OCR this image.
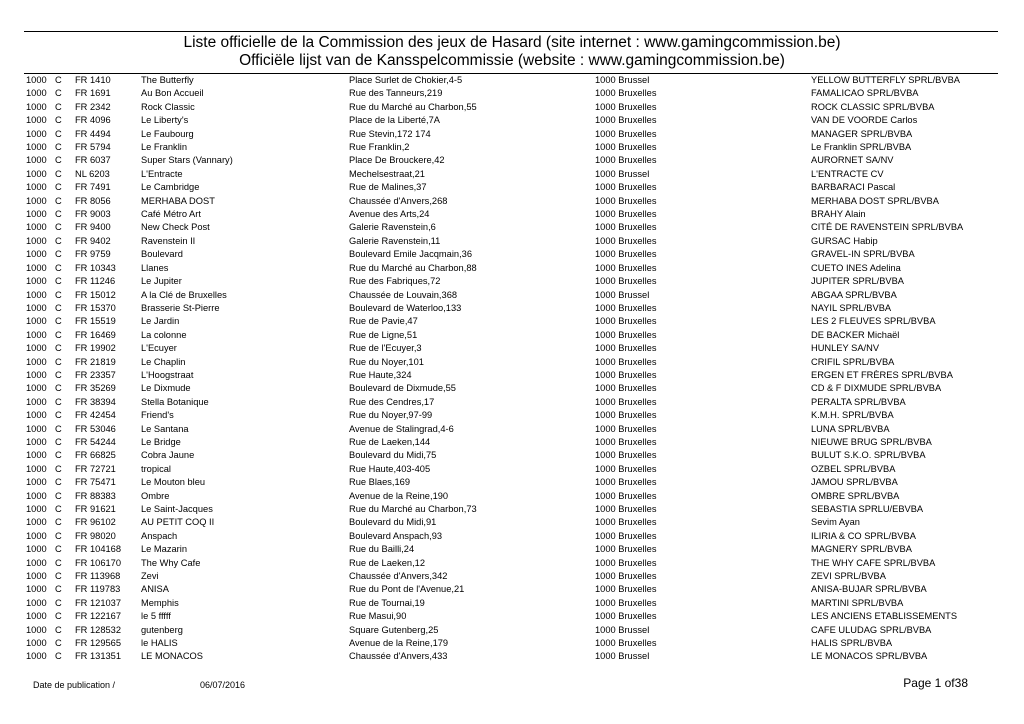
Liste officielle de la Commission des jeux de Hasard (site internet : www.gamingcommission.be)
Officiële lijst van de Kansspelcommissie (website : www.gamingcommission.be)
1000 C FR 1410	The Butterfly	Place Surlet de Chokier,4-5	1000 Brussel	YELLOW BUTTERFLY SPRL/BVBA
1000 C FR 1691	Au Bon Accueil	Rue des Tanneurs,219	1000 Bruxelles	FAMALICAO SPRL/BVBA
1000 C FR 2342	Rock Classic	Rue du Marché au Charbon,55	1000 Bruxelles	ROCK CLASSIC SPRL/BVBA
1000 C FR 4096	Le Liberty's	Place de la Liberté,7A	1000 Bruxelles	VAN DE VOORDE Carlos
1000 C FR 4494	Le Faubourg	Rue Stevin,172 174	1000 Bruxelles	MANAGER SPRL/BVBA
1000 C FR 5794	Le Franklin	Rue Franklin,2	1000 Bruxelles	Le Franklin SPRL/BVBA
1000 C FR 6037	Super Stars (Vannary)	Place De Brouckere,42	1000 Bruxelles	AURORNET SA/NV
1000 C NL 6203	L'Entracte	Mechelsestraat,21	1000 Brussel	L'ENTRACTE CV
1000 C FR 7491	Le Cambridge	Rue de Malines,37	1000 Bruxelles	BARBARACI Pascal
1000 C FR 8056	MERHABA DOST	Chaussée d'Anvers,268	1000 Bruxelles	MERHABA DOST SPRL/BVBA
1000 C FR 9003	Café Métro Art	Avenue des Arts,24	1000 Bruxelles	BRAHY Alain
1000 C FR 9400	New Check Post	Galerie Ravenstein,6	1000 Bruxelles	CITÉ DE RAVENSTEIN SPRL/BVBA
1000 C FR 9402	Ravenstein II	Galerie Ravenstein,11	1000 Bruxelles	GURSAC Habip
1000 C FR 9759	Boulevard	Boulevard Emile Jacqmain,36	1000 Bruxelles	GRAVEL-IN SPRL/BVBA
1000 C FR 10343	Llanes	Rue du Marché au Charbon,88	1000 Bruxelles	CUETO INES Adelina
1000 C FR 11246	Le Jupiter	Rue des Fabriques,72	1000 Bruxelles	JUPITER SPRL/BVBA
1000 C FR 15012	A la Clé de Bruxelles	Chaussée de Louvain,368	1000 Brussel	ABGAA SPRL/BVBA
1000 C FR 15370	Brasserie St-Pierre	Boulevard de Waterloo,133	1000 Bruxelles	NAYIL SPRL/BVBA
1000 C FR 15519	Le Jardin	Rue de Pavie,47	1000 Bruxelles	LES 2 FLEUVES SPRL/BVBA
1000 C FR 16469	La colonne	Rue de Ligne,51	1000 Bruxelles	DE BACKER Michaël
1000 C FR 19902	L'Ecuyer	Rue de l'Ecuyer,3	1000 Bruxelles	HUNLEY SA/NV
1000 C FR 21819	Le Chaplin	Rue du Noyer,101	1000 Bruxelles	CRIFIL SPRL/BVBA
1000 C FR 23357	L'Hoogstraat	Rue Haute,324	1000 Bruxelles	ERGEN ET FRÈRES SPRL/BVBA
1000 C FR 35269	Le Dixmude	Boulevard de Dixmude,55	1000 Bruxelles	CD & F DIXMUDE SPRL/BVBA
1000 C FR 38394	Stella Botanique	Rue des Cendres,17	1000 Bruxelles	PERALTA SPRL/BVBA
1000 C FR 42454	Friend's	Rue du Noyer,97-99	1000 Bruxelles	K.M.H. SPRL/BVBA
1000 C FR 53046	Le Santana	Avenue de Stalingrad,4-6	1000 Bruxelles	LUNA SPRL/BVBA
1000 C FR 54244	Le Bridge	Rue de Laeken,144	1000 Bruxelles	NIEUWE BRUG SPRL/BVBA
1000 C FR 66825	Cobra Jaune	Boulevard du Midi,75	1000 Bruxelles	BULUT S.K.O. SPRL/BVBA
1000 C FR 72721	tropical	Rue Haute,403-405	1000 Bruxelles	OZBEL SPRL/BVBA
1000 C FR 75471	Le Mouton bleu	Rue Blaes,169	1000 Bruxelles	JAMOU SPRL/BVBA
1000 C FR 88383	Ombre	Avenue de la Reine,190	1000 Bruxelles	OMBRE SPRL/BVBA
1000 C FR 91621	Le Saint-Jacques	Rue du Marché au Charbon,73	1000 Bruxelles	SEBASTIA SPRLU/EBVBA
1000 C FR 96102	AU PETIT COQ II	Boulevard du Midi,91	1000 Bruxelles	Sevim Ayan
1000 C FR 98020	Anspach	Boulevard Anspach,93	1000 Bruxelles	ILIRIA & CO SPRL/BVBA
1000 C FR 104168 Le Mazarin	Rue du Bailli,24	1000 Bruxelles	MAGNERY SPRL/BVBA
1000 C FR 106170 The Why Cafe	Rue de Laeken,12	1000 Bruxelles	THE WHY CAFE SPRL/BVBA
1000 C FR 113968 Zevi	Chaussée d'Anvers,342	1000 Bruxelles	ZEVI SPRL/BVBA
1000 C FR 119783 ANISA	Rue du Pont de l'Avenue,21	1000 Bruxelles	ANISA-BUJAR SPRL/BVBA
1000 C FR 121037 Memphis	Rue de Tournai,19	1000 Bruxelles	MARTINI SPRL/BVBA
1000 C FR 122167 le 5 fffff	Rue Masui,90	1000 Bruxelles	LES ANCIENS ETABLISSEMENTS
1000 C FR 128532 gutenberg	Square Gutenberg,25	1000 Brussel	CAFE ULUDAG SPRL/BVBA
1000 C FR 129565 le HALIS	Avenue de la Reine,179	1000 Bruxelles	HALIS SPRL/BVBA
1000 C FR 131351 LE MONACOS	Chaussée d'Anvers,433	1000 Brussel	LE MONACOS SPRL/BVBA
Date de publication /	06/07/2016	Page 1 of38
